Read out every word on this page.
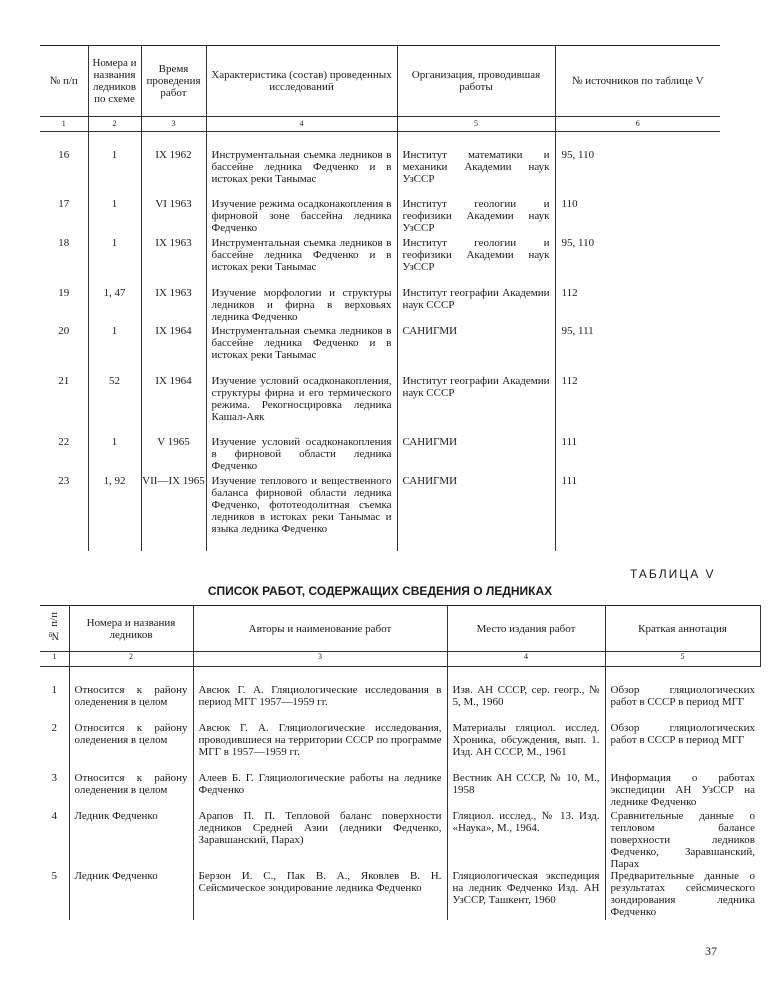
№ п/п	Номера и названия ледников по схеме	Время проведения работ	Характеристика (состав) проведенных исследований	Организация, проводившая работы	№ источников по таблице V
1	2	3	4	5	6

16	1	IX 1962	Инструментальная съемка ледников в бассейне ледника Федченко и в истоках реки Танымас	Институт математики и механики Академии наук УзССР	95, 110
17	1	VI 1963	Изучение режима осадконакопления в фирновой зоне бассейна ледника Федченко	Институт геологии и геофизики Академии наук УзССР	110
18	1	IX 1963	Инструментальная съемка ледников в бассейне ледника Федченко и в истоках реки Танымас	Институт геологии и геофизики Академии наук УзССР	95, 110
19	1, 47	IX 1963	Изучение морфологии и структуры ледников и фирна в верховьях ледника Федченко	Институт географии Академии наук СССР	112
20	1	IX 1964	Инструментальная съемка ледников в бассейне ледника Федченко и в истоках реки Танымас	САНИГМИ	95, 111
21	52	IX 1964	Изучение условий осадконакопления, структуры фирна и его термического режима. Рекогносцировка ледника Кашал-Аяк	Институт географии Академии наук СССР	112
22	1	V 1965	Изучение условий осадконакопления в фирновой области ледника Федченко	САНИГМИ	111
23	1, 92	VII—IX 1965	Изучение теплового и вещественного баланса фирновой области ледника Федченко, фототеодолитная съемка ледников в истоках реки Танымас и языка ледника Федченко	САНИГМИ	111
ТАБЛИЦА V
СПИСОК РАБОТ, СОДЕРЖАЩИХ СВЕДЕНИЯ О ЛЕДНИКАХ
№ п/п	Номера и названия ледников	Авторы и наименование работ	Место издания работ	Краткая аннотация
1	2	3	4	5

1	Относится к району оледенения в целом	Авсюк Г. А. Гляциологические исследования в период МГГ 1957—1959 гг.	Изв. АН СССР, сер. геогр., № 5, М., 1960	Обзор гляциологических работ в СССР в период МГГ
2	Относится к району оледенения в целом	Авсюк Г. А. Гляциологические исследования, проводившиеся на территории СССР по программе МГГ в 1957—1959 гг.	Материалы гляциол. исслед. Хроника, обсуждения, вып. 1. Изд. АН СССР, М., 1961	Обзор гляциологических работ в СССР в период МГГ
3	Относится к району оледенения в целом	Алеев Б. Г. Гляциологические работы на леднике Федченко	Вестник АН СССР, № 10, М., 1958	Информация о работах экспедиции АН УзССР на леднике Федченко
4	Ледник Федченко	Арапов П. П. Тепловой баланс поверхности ледников Средней Азии (ледники Федченко, Заравшанский, Парах)	Гляциол. исслед., № 13. Изд. «Наука», М., 1964.	Сравнительные данные о тепловом балансе поверхности ледников Федченко, Заравшанский, Парах
5	Ледник Федченко	Берзон И. С., Пак В. А., Яковлев В. Н. Сейсмическое зондирование ледника Федченко	Гляциологическая экспедиция на ледник Федченко Изд. АН УзССР, Ташкент, 1960	Предварительные данные о результатах сейсмического зондирования ледника Федченко
37
